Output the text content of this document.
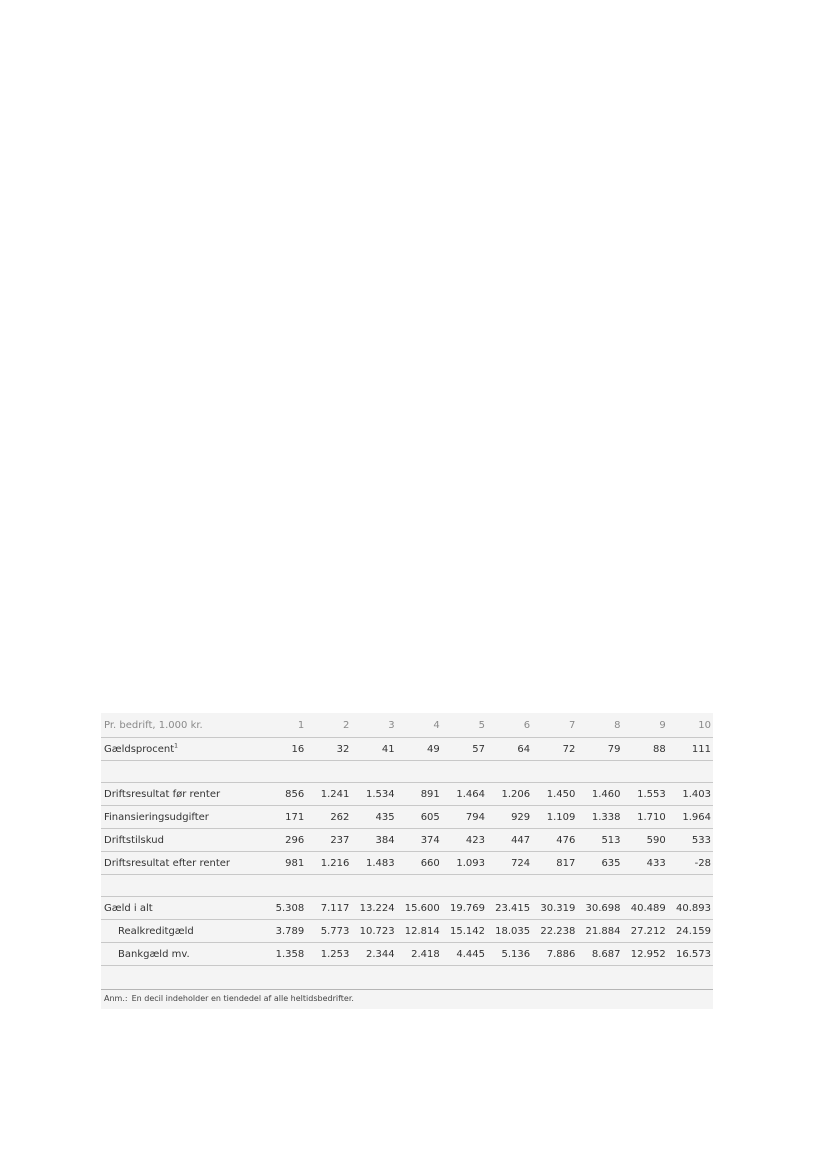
Pr. bedrift, 1.000 kr.	1	2	3	4	5	6	7	8	9	10
Gældsprocent$^1$	16	32	41	49	57	64	72	79	88	111

Driftsresultat før renter	856	1.241	1.534	891	1.464	1.206	1.450	1.460	1.553	1.403
Finansieringsudgifter	171	262	435	605	794	929	1.109	1.338	1.710	1.964
Driftstilskud	296	237	384	374	423	447	476	513	590	533
Driftsresultat efter renter	981	1.216	1.483	660	1.093	724	817	635	433	-28

Gæld i alt	5.308	7.117	13.224	15.600	19.769	23.415	30.319	30.698	40.489	40.893
Realkreditgæld	3.789	5.773	10.723	12.814	15.142	18.035	22.238	21.884	27.212	24.159
Bankgæld mv.	1.358	1.253	2.344	2.418	4.445	5.136	7.886	8.687	12.952	16.573

Anm.: En decil indeholder en tiendedel af alle heltidsbedrifter.
